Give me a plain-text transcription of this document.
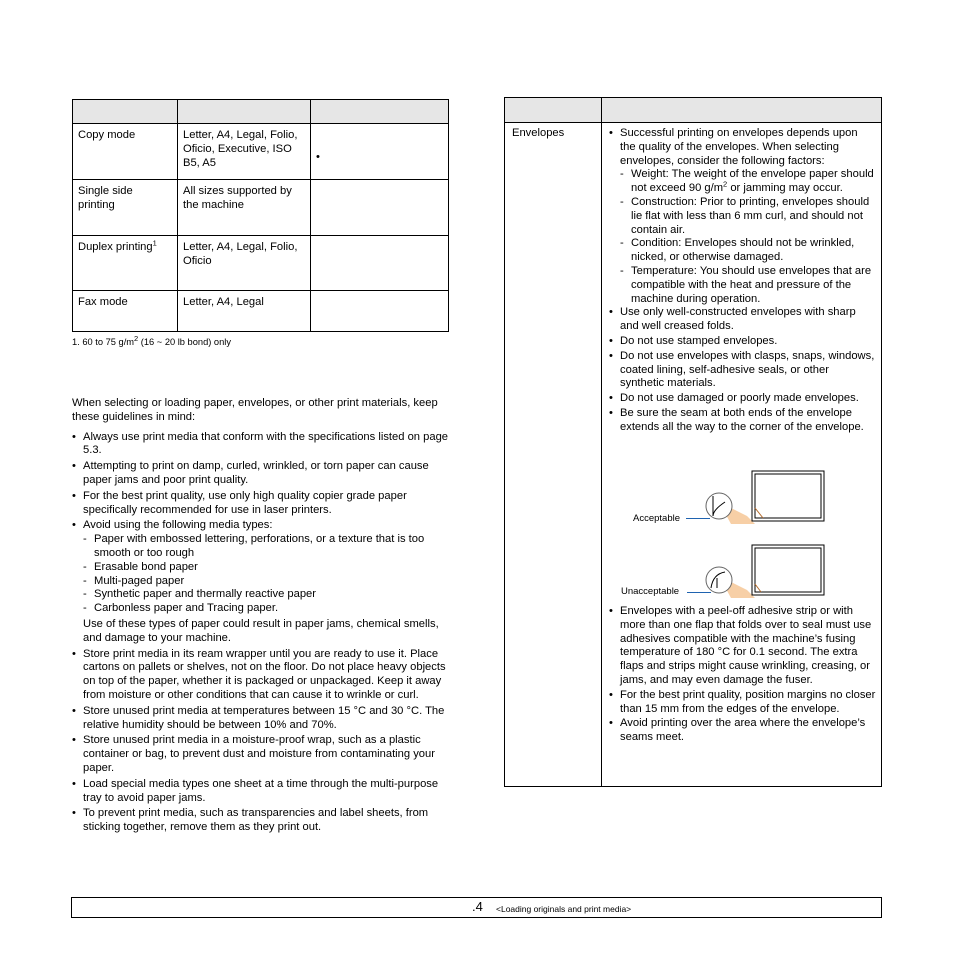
Copy mode	Letter, A4, Legal, Folio, Oficio, Executive, ISO B5, A5	•

Single side printing	All sizes supported by the machine	
Duplex printing$^1$	Letter, A4, Legal, Folio, Oficio	
Fax mode	Letter, A4, Legal	
1. 60 to 75 $g/m^2$ (16 ~ 20 lb bond) only

When selecting or loading paper, envelopes, or other print materials, keep these guidelines in mind:

• Always use print media that conform with the specifications listed on page 5.3.
• Attempting to print on damp, curled, wrinkled, or torn paper can cause paper jams and poor print quality.
• For the best print quality, use only high quality copier grade paper specifically recommended for use in laser printers.
• Avoid using the following media types:
- Paper with embossed lettering, perforations, or a texture that is too smooth or too rough
- Erasable bond paper
- Multi-paged paper
- Synthetic paper and thermally reactive paper
- Carbonless paper and Tracing paper.
Use of these types of paper could result in paper jams, chemical smells, and damage to your machine.
• Store print media in its ream wrapper until you are ready to use it. Place cartons on pallets or shelves, not on the floor. Do not place heavy objects on top of the paper, whether it is packaged or unpackaged. Keep it away from moisture or other conditions that can cause it to wrinkle or curl.
• Store unused print media at temperatures between 15 °C and 30 °C. The relative humidity should be between 10% and 70%.
• Store unused print media in a moisture-proof wrap, such as a plastic container or bag, to prevent dust and moisture from contaminating your paper.
• Load special media types one sheet at a time through the multi-purpose tray to avoid paper jams.
• To prevent print media, such as transparencies and label sheets, from sticking together, remove them as they print out.
Envelopes	• Successful printing on envelopes depends upon the quality of the envelopes. When selecting envelopes, consider the following factors:
- Weight: The weight of the envelope paper should not exceed 90 $g/m^2$ or jamming may occur.
- Construction: Prior to printing, envelopes should lie flat with less than 6 mm curl, and should not contain air.
- Condition: Envelopes should not be wrinkled, nicked, or otherwise damaged.
- Temperature: You should use envelopes that are compatible with the heat and pressure of the machine during operation.
• Use only well-constructed envelopes with sharp and well creased folds.
• Do not use stamped envelopes.
• Do not use envelopes with clasps, snaps, windows, coated lining, self-adhesive seals, or other synthetic materials.
• Do not use damaged or poorly made envelopes.
• Be sure the seam at both ends of the envelope extends all the way to the corner of the envelope.
Acceptable
Unacceptable
• Envelopes with a peel-off adhesive strip or with more than one flap that folds over to seal must use adhesives compatible with the machine’s fusing temperature of 180 °C for 0.1 second. The extra flaps and strips might cause wrinkling, creasing, or jams, and may even damage the fuser.
• For the best print quality, position margins no closer than 15 mm from the edges of the envelope.
• Avoid printing over the area where the envelope’s seams meet.
.4 <Loading originals and print media>
